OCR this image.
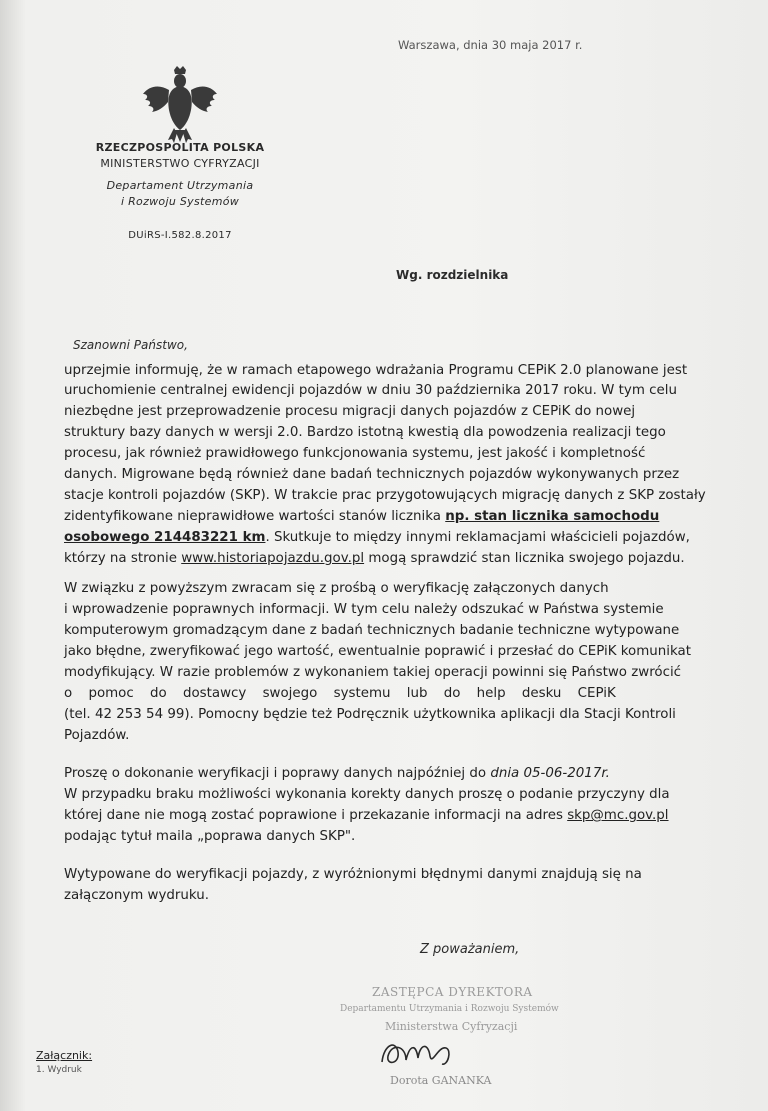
RZECZPOSPOLITA POLSKA
MINISTERSTWO CYFRYZACJI
Departament Utrzymania
i Rozwoju Systemów
DUiRS-I.582.8.2017
Warszawa, dnia 30 maja 2017 r.
Wg. rozdzielnika
Szanowni Państwo,
uprzejmie informuję, że w ramach etapowego wdrażania Programu CEPiK 2.0 planowane jest
uruchomienie centralnej ewidencji pojazdów w dniu 30 października 2017 roku. W tym celu
niezbędne jest przeprowadzenie procesu migracji danych pojazdów z CEPiK do nowej
struktury bazy danych w wersji 2.0. Bardzo istotną kwestią dla powodzenia realizacji tego
procesu, jak również prawidłowego funkcjonowania systemu, jest jakość i kompletność
danych. Migrowane będą również dane badań technicznych pojazdów wykonywanych przez
stacje kontroli pojazdów (SKP). W trakcie prac przygotowujących migrację danych z SKP zostały
zidentyfikowane nieprawidłowe wartości stanów licznika np. stan licznika samochodu
osobowego 214483221 km. Skutkuje to między innymi reklamacjami właścicieli pojazdów,
którzy na stronie www.historiapojazdu.gov.pl mogą sprawdzić stan licznika swojego pojazdu.
W związku z powyższym zwracam się z prośbą o weryfikację załączonych danych
i wprowadzenie poprawnych informacji. W tym celu należy odszukać w Państwa systemie
komputerowym gromadzącym dane z badań technicznych badanie techniczne wytypowane
jako błędne, zweryfikować jego wartość, ewentualnie poprawić i przesłać do CEPiK komunikat
modyfikujący. W razie problemów z wykonaniem takiej operacji powinni się Państwo zwrócić
o pomoc do dostawcy swojego systemu lub do help desku CEPiK
(tel. 42 253 54 99). Pomocny będzie też Podręcznik użytkownika aplikacji dla Stacji Kontroli
Pojazdów.
Proszę o dokonanie weryfikacji i poprawy danych najpóźniej do dnia 05-06-2017r.
W przypadku braku możliwości wykonania korekty danych proszę o podanie przyczyny dla
której dane nie mogą zostać poprawione i przekazanie informacji na adres skp@mc.gov.pl
podając tytuł maila „poprawa danych SKP".
Wytypowane do weryfikacji pojazdy, z wyróżnionymi błędnymi danymi znajdują się na
załączonym wydruku.
Z poważaniem,
ZASTĘPCA DYREKTORA
Departamentu Utrzymania i Rozwoju Systemów
Ministerstwa Cyfryzacji
Dorota GANANKA
Załącznik:
1. Wydruk
